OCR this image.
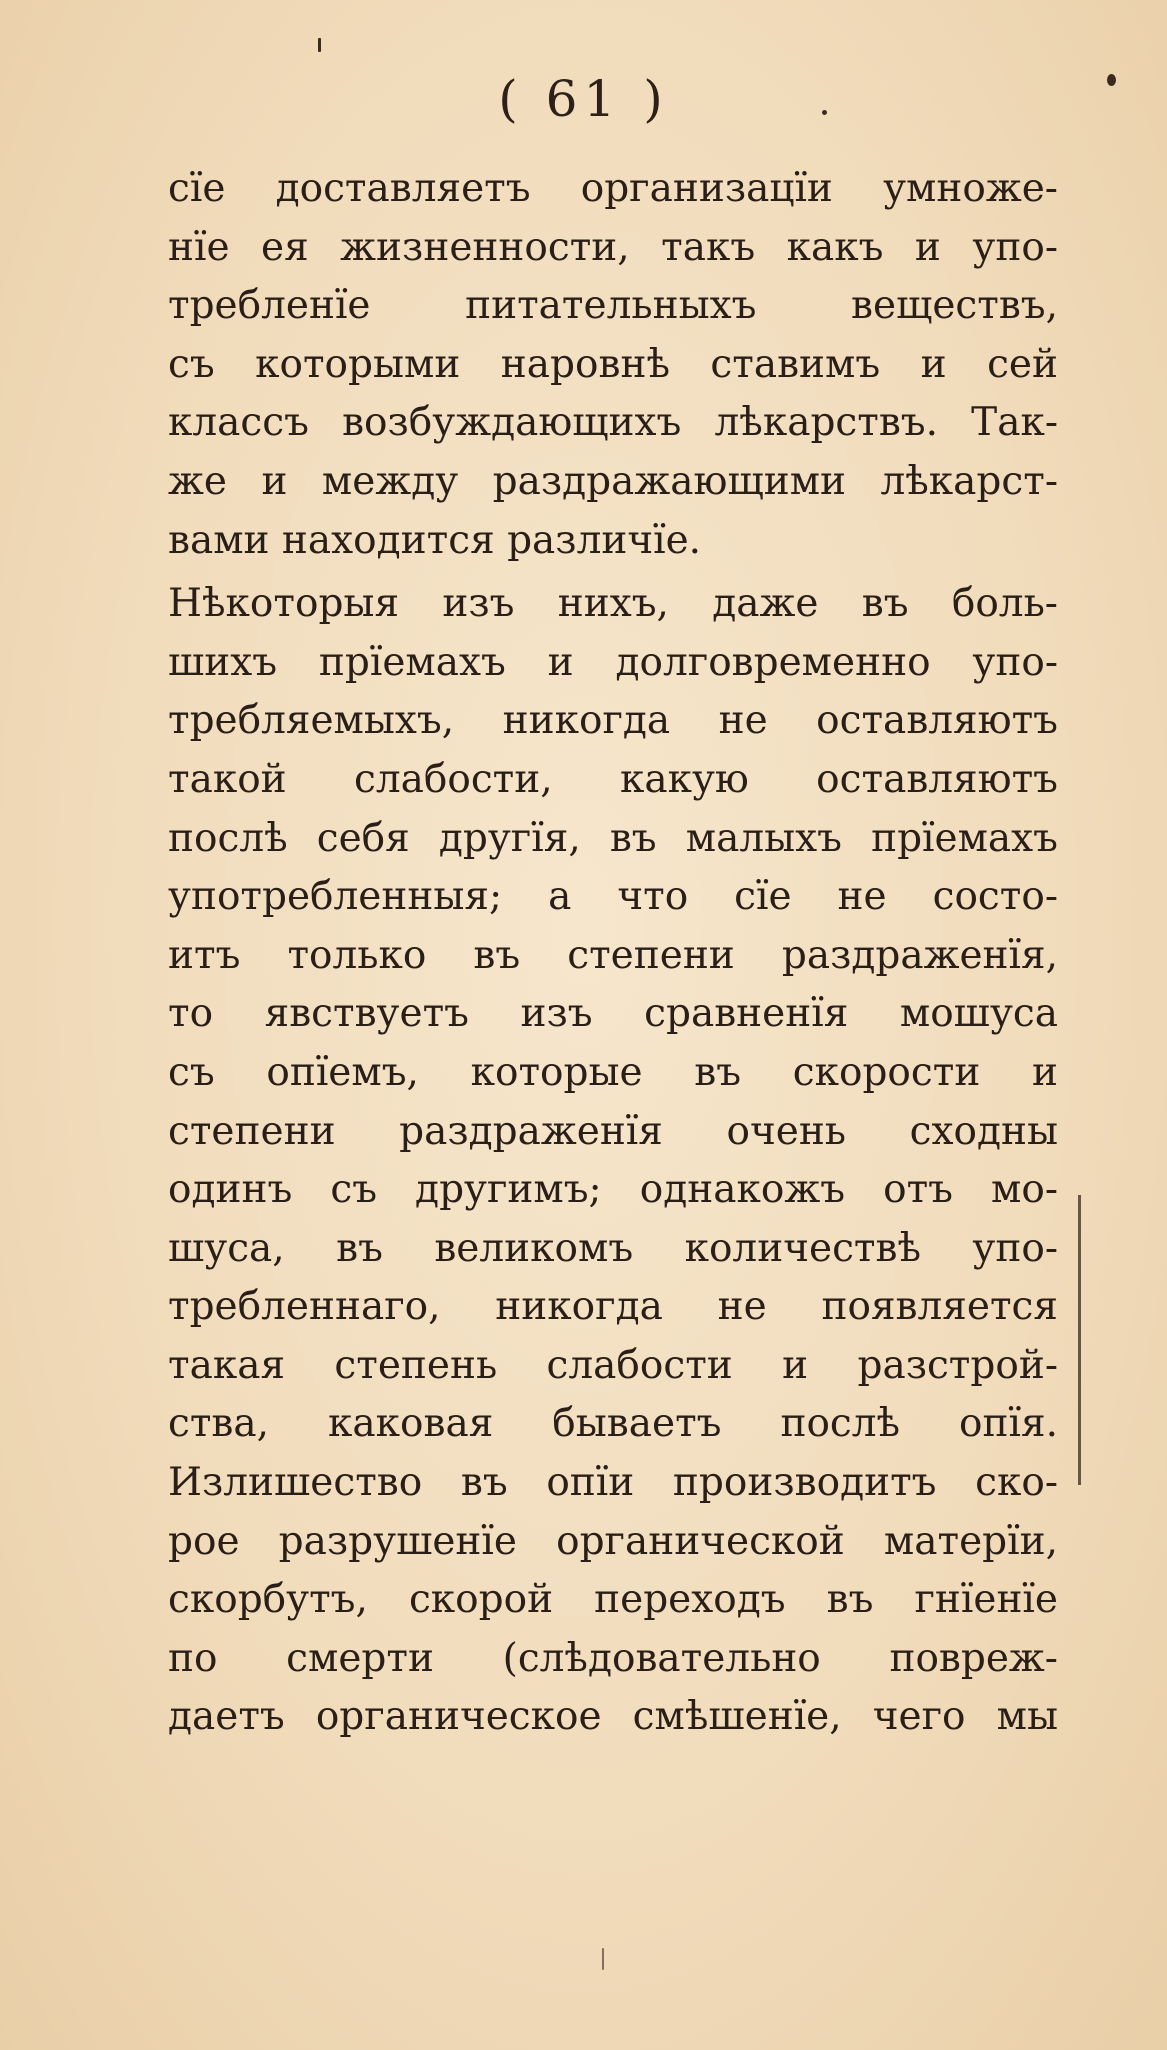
( 61 )
сїе доставляетъ организацїи умноже-
нїе ея жизненности, такъ какъ и упо-
требленїе питательныхъ веществъ,
съ которыми наровнѣ ставимъ и сей
классъ возбуждающихъ лѣкарствъ. Так-
же и между раздражающими лѣкарст-
вами находится различїе.
Нѣкоторыя изъ нихъ, даже въ боль-
шихъ прїемахъ и долговременно упо-
требляемыхъ, никогда не оставляютъ
такой слабости, какую оставляютъ
послѣ себя другїя, въ малыхъ прїемахъ
употребленныя; а что сїе не состо-
итъ только въ степени раздраженїя,
то явствуетъ изъ сравненїя мошуса
съ опїемъ, которые въ скорости и
степени раздраженїя очень сходны
одинъ съ другимъ; однакожъ отъ мо-
шуса, въ великомъ количествѣ упо-
требленнаго, никогда не появляется
такая степень слабости и разстрой-
ства, каковая бываетъ послѣ опїя.
Излишество въ опїи производитъ ско-
рое разрушенїе органической матерїи,
скорбутъ, скорой переходъ въ гнїенїе
по смерти (слѣдовательно повреж-
даетъ органическое смѣшенїе, чего мы
